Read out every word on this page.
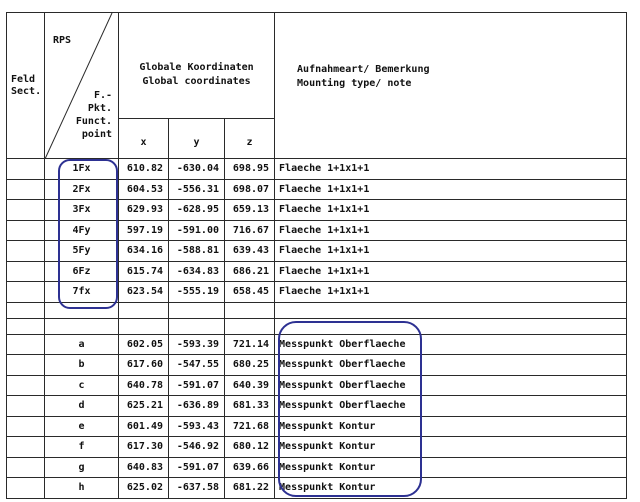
Feld
Sect.	RPS
F.-
Pkt.
Funct.
point	Globale Koordinaten
Global coordinates			Aufnahmeart/ Bemerkung
Mounting type/ note
		x	y	z	
	1Fx	610.82	-630.04	698.95	Flaeche 1+1x1+1
	2Fx	604.53	-556.31	698.07	Flaeche 1+1x1+1
	3Fx	629.93	-628.95	659.13	Flaeche 1+1x1+1
	4Fy	597.19	-591.00	716.67	Flaeche 1+1x1+1
	5Fy	634.16	-588.81	639.43	Flaeche 1+1x1+1
	6Fz	615.74	-634.83	686.21	Flaeche 1+1x1+1
	7fx	623.54	-555.19	658.45	Flaeche 1+1x1+1

	a	602.05	-593.39	721.14	Messpunkt Oberflaeche
	b	617.60	-547.55	680.25	Messpunkt Oberflaeche
	c	640.78	-591.07	640.39	Messpunkt Oberflaeche
	d	625.21	-636.89	681.33	Messpunkt Oberflaeche
	e	601.49	-593.43	721.68	Messpunkt Kontur
	f	617.30	-546.92	680.12	Messpunkt Kontur
	g	640.83	-591.07	639.66	Messpunkt Kontur
	h	625.02	-637.58	681.22	Messpunkt Kontur
